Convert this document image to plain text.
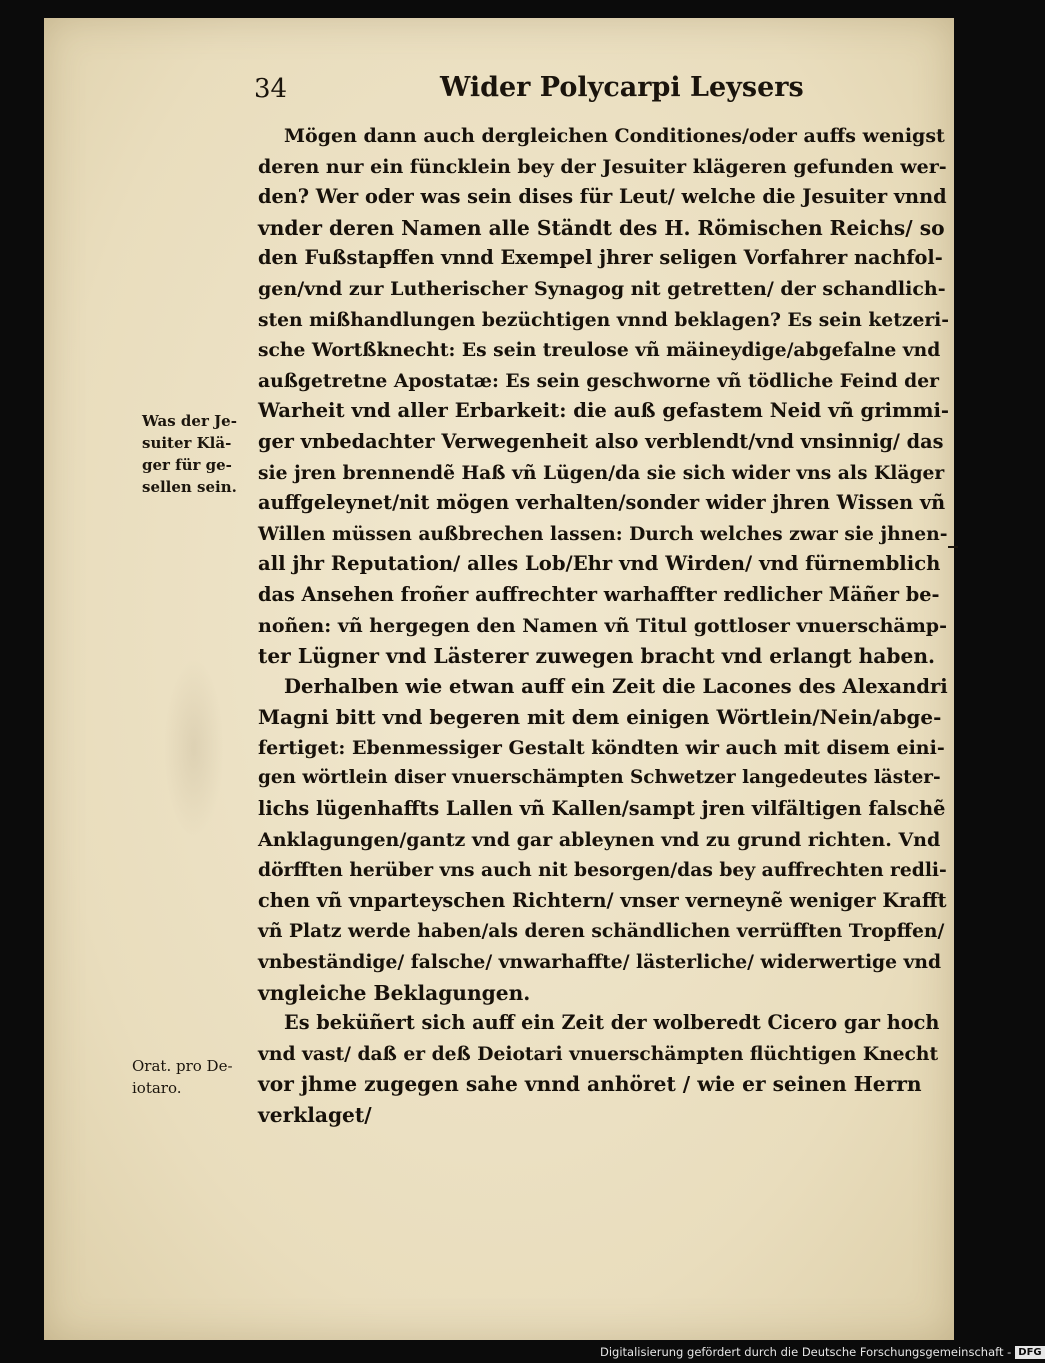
34	Wider Polycarpi Leysers
Was der Je-
suiter Klä-
ger für ge-
sellen sein.
Orat. pro De-
iotaro.

Mögen dann auch dergleichen Conditiones/oder auffs wenigst
deren nur ein füncklein bey der Jesuiter klägeren gefunden wer-
den? Wer oder was sein dises für Leut/ welche die Jesuiter vnnd
vnder deren Namen alle Ständt des H. Römischen Reichs/ so
den Fußstapffen vnnd Exempel jhrer seligen Vorfahrer nachfol-
gen/vnd zur Lutherischer Synagog nit getretten/ der schandlich-
sten mißhandlungen bezüchtigen vnnd beklagen? Es sein ketzeri-
sche Wortßknecht: Es sein treulose vñ mäineydige/abgefalne vnd
außgetretne Apostatæ: Es sein geschworne vñ tödliche Feind der
Warheit vnd aller Erbarkeit: die auß gefastem Neid vñ grimmi-
ger vnbedachter Verwegenheit also verblendt/vnd vnsinnig/ das
sie jren brennendẽ Haß vñ Lügen/da sie sich wider vns als Kläger
auffgeleynet/nit mögen verhalten/sonder wider jhren Wissen vñ
Willen müssen außbrechen lassen: Durch welches zwar sie jhnen-
all jhr Reputation/ alles Lob/Ehr vnd Wirden/ vnd fürnemblich
das Ansehen froñer auffrechter warhaffter redlicher Mäñer be-
noñen: vñ hergegen den Namen vñ Titul gottloser vnuerschämp-
ter Lügner vnd Lästerer zuwegen bracht vnd erlangt haben.

Derhalben wie etwan auff ein Zeit die Lacones des Alexandri
Magni bitt vnd begeren mit dem einigen Wörtlein/Nein/abge-
fertiget: Ebenmessiger Gestalt köndten wir auch mit disem eini-
gen wörtlein diser vnuerschämpten Schwetzer langedeutes läster-
lichs lügenhaffts Lallen vñ Kallen/sampt jren vilfältigen falschẽ
Anklagungen/gantz vnd gar ableynen vnd zu grund richten. Vnd
dörfften herüber vns auch nit besorgen/das bey auffrechten redli-
chen vñ vnparteyschen Richtern/ vnser verneynẽ weniger Krafft
vñ Platz werde haben/als deren schändlichen verrüfften Tropffen/
vnbeständige/ falsche/ vnwarhaffte/ lästerliche/ widerwertige vnd
vngleiche Beklagungen.

Es beküñert sich auff ein Zeit der wolberedt Cicero gar hoch
vnd vast/ daß er deß Deiotari vnuerschämpten flüchtigen Knecht
vor jhme zugegen sahe vnnd anhöret / wie er seinen Herrn
verklaget/

Digitalisierung gefördert durch die Deutsche Forschungsgemeinschaft - DFG
